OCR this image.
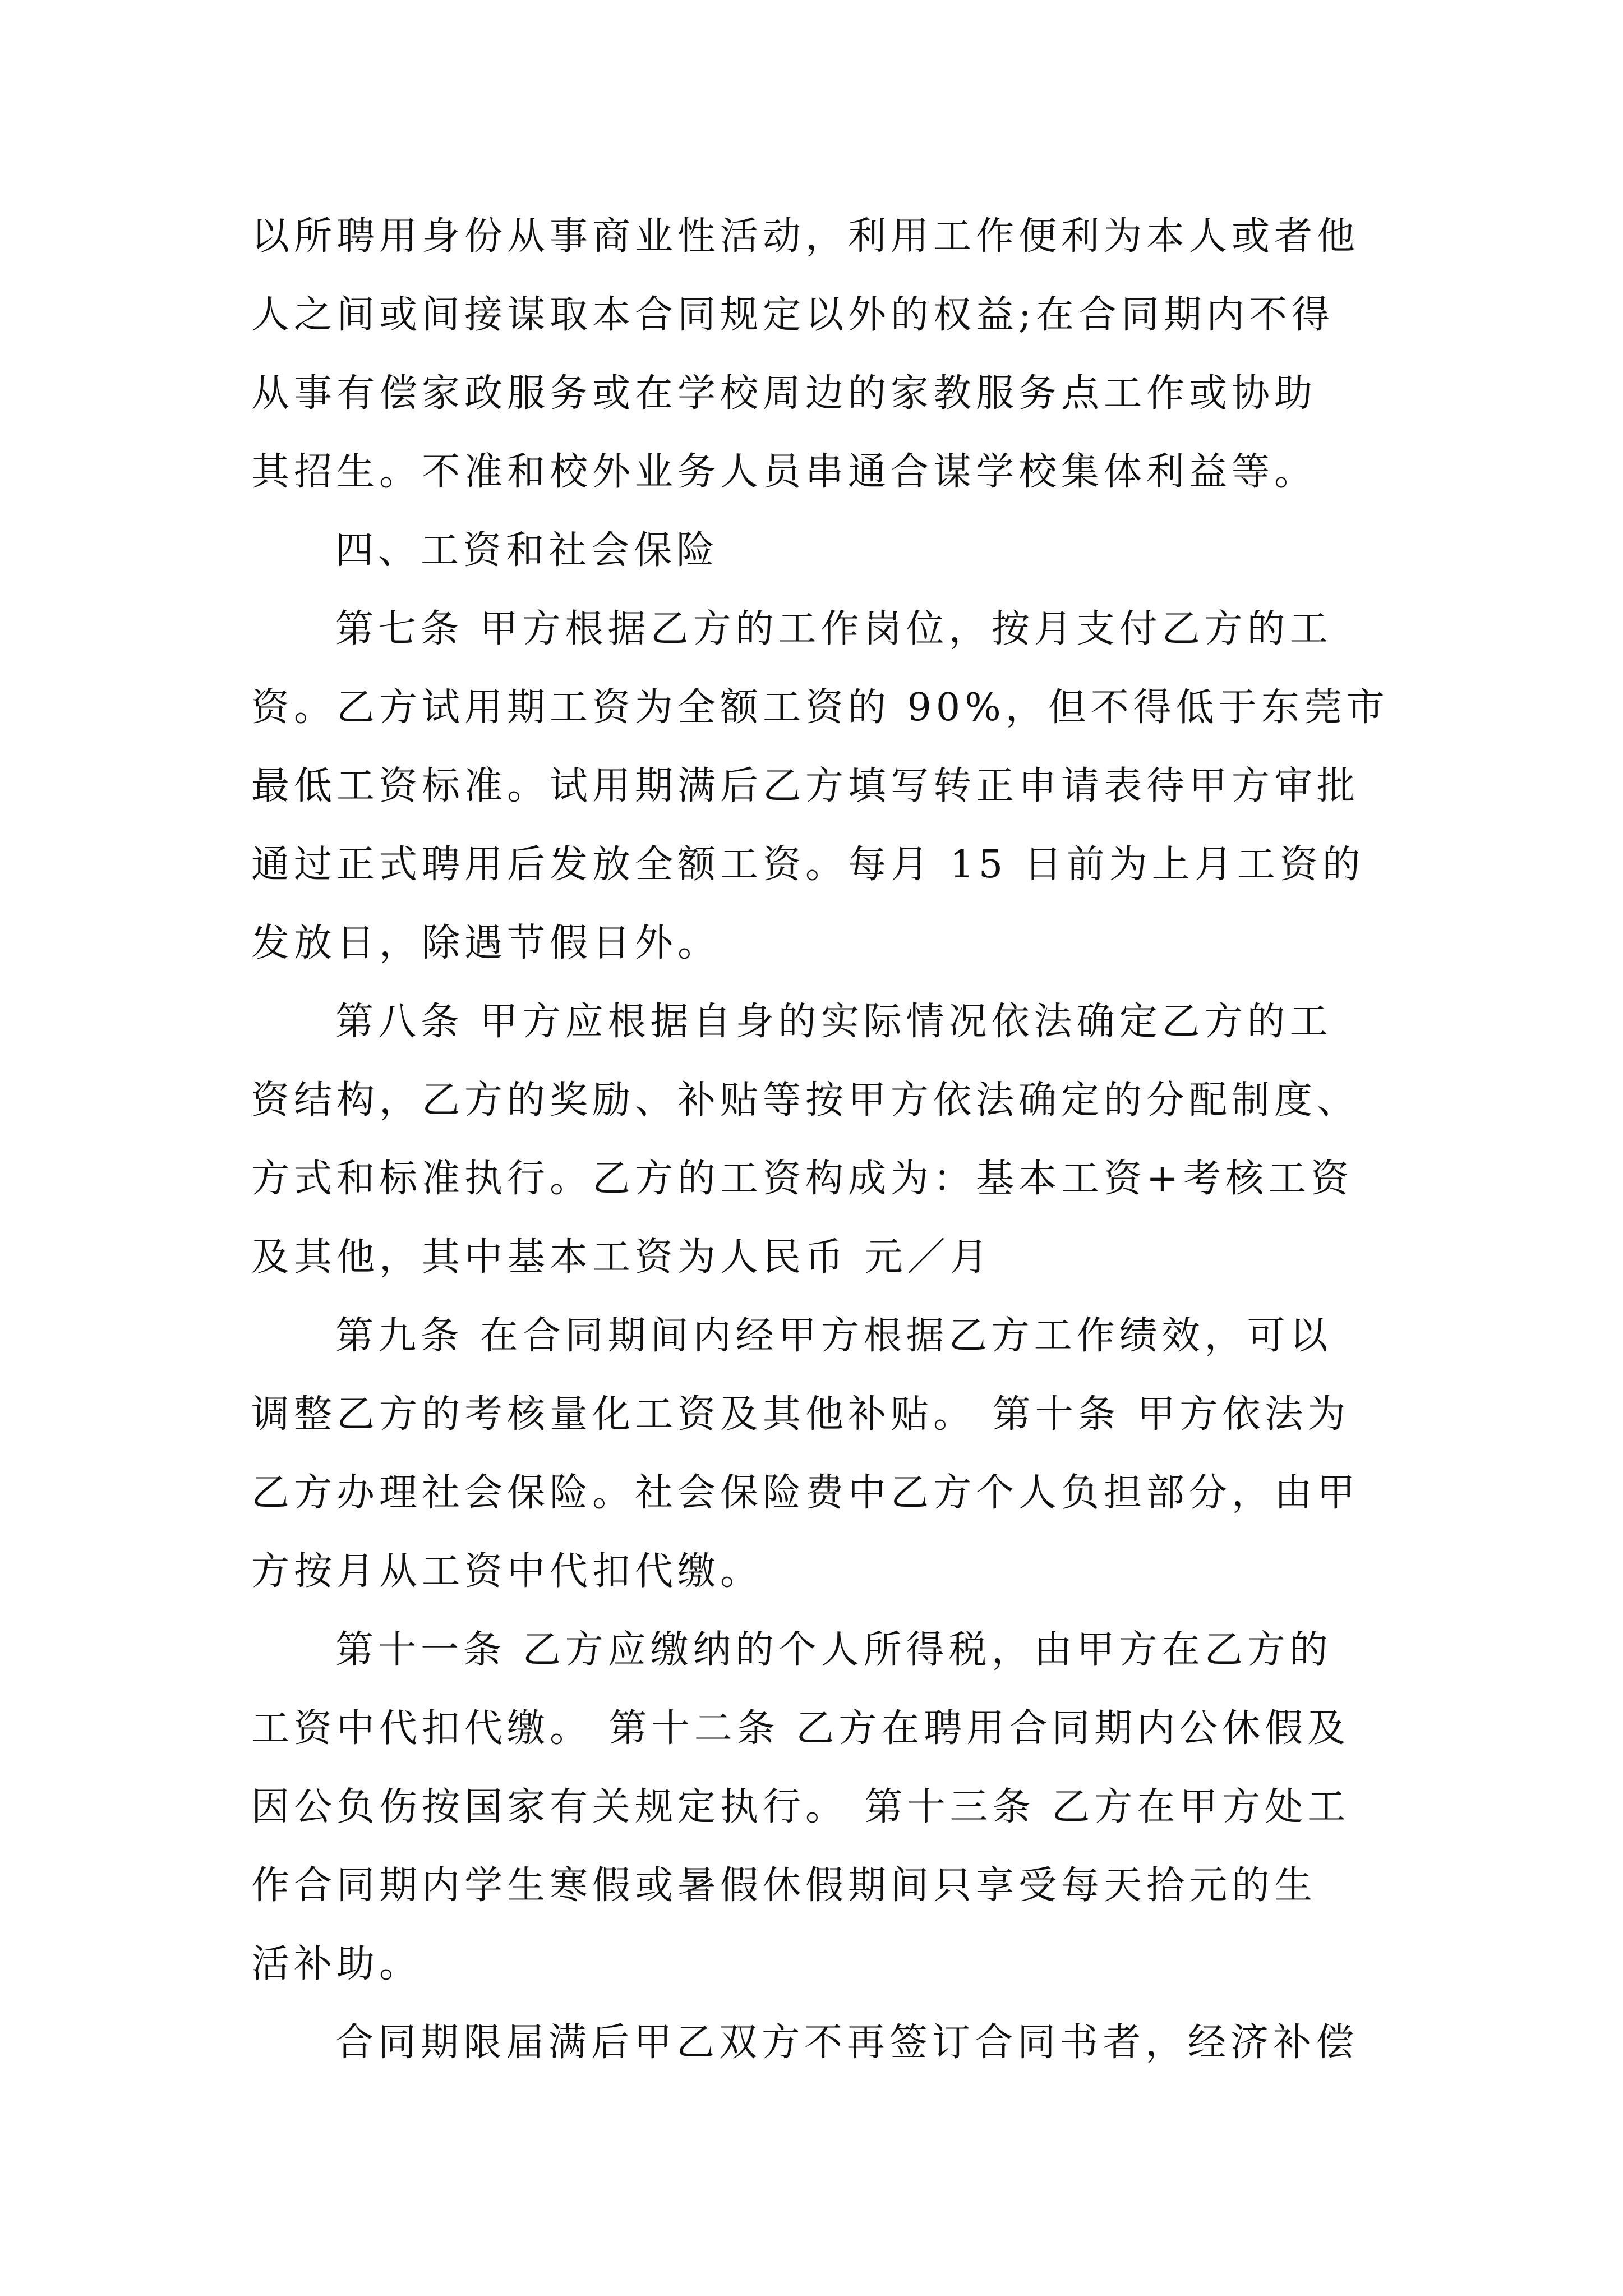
以所聘用身份从事商业性活动，利用工作便利为本人或者他
人之间或间接谋取本合同规定以外的权益;在合同期内不得
从事有偿家政服务或在学校周边的家教服务点工作或协助
其招生。不准和校外业务人员串通合谋学校集体利益等。
四、工资和社会保险
第七条 甲方根据乙方的工作岗位，按月支付乙方的工
资。乙方试用期工资为全额工资的 90%，但不得低于东莞市
最低工资标准。试用期满后乙方填写转正申请表待甲方审批
通过正式聘用后发放全额工资。每月 15 日前为上月工资的
发放日，除遇节假日外。
第八条 甲方应根据自身的实际情况依法确定乙方的工
资结构，乙方的奖励、补贴等按甲方依法确定的分配制度、
方式和标准执行。乙方的工资构成为：基本工资+考核工资
及其他，其中基本工资为人民币 元／月
第九条 在合同期间内经甲方根据乙方工作绩效，可以
调整乙方的考核量化工资及其他补贴。 第十条 甲方依法为
乙方办理社会保险。社会保险费中乙方个人负担部分，由甲
方按月从工资中代扣代缴。
第十一条 乙方应缴纳的个人所得税，由甲方在乙方的
工资中代扣代缴。 第十二条 乙方在聘用合同期内公休假及
因公负伤按国家有关规定执行。 第十三条 乙方在甲方处工
作合同期内学生寒假或暑假休假期间只享受每天拾元的生
活补助。
合同期限届满后甲乙双方不再签订合同书者，经济补偿
